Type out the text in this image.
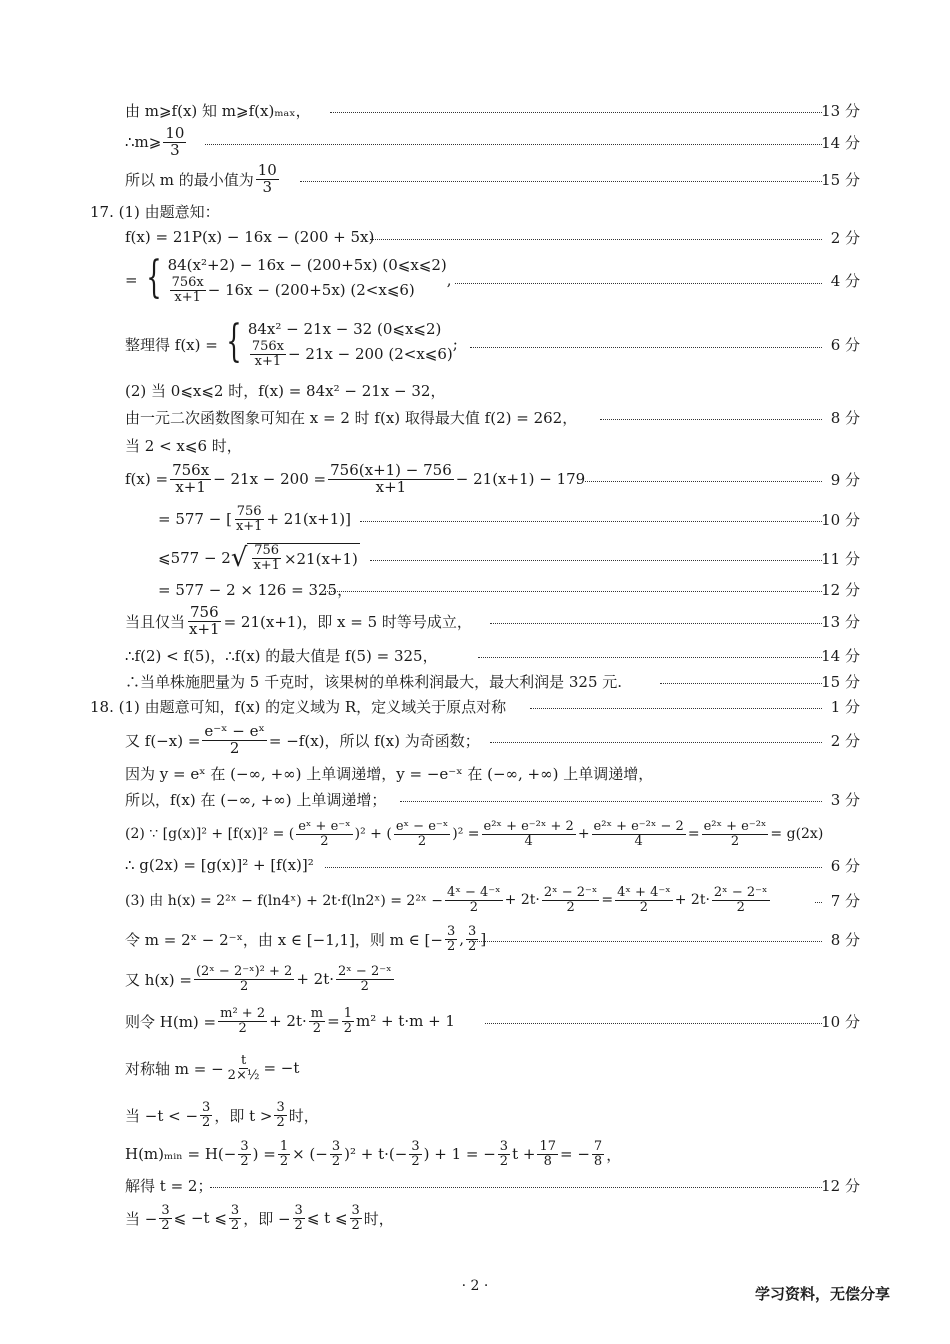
由 m⩾f(x) 知 m⩾f(x)ₘₐₓ，	13 分
∴m⩾
10
3	14 分
所以 m 的最小值为
10
3	15 分
17. (1) 由题意知：
f(x) = 21P(x) − 16x − (200 + 5x)	2 分
= { 84(x²+2) − 16x − (200+5x) (0⩽x⩽2)
756x
x+1 − 16x − (200+5x) (2<x⩽6)
,	4 分
整理得 f(x) = { 84x² − 21x − 32 (0⩽x⩽2)
756x
x+1 − 21x − 200 (2<x⩽6)
;	6 分
(2) 当 0⩽x⩽2 时，f(x) = 84x² − 21x − 32，
由一元二次函数图象可知在 x = 2 时 f(x) 取得最大值 f(2) = 262，	8 分
当 2 < x⩽6 时，
$f(x) = \frac{756x}{x+1} - 21x - 200 = \frac{756(x+1) - 756}{x+1} - 21(x+1) - 179$	9 分
= 577 − [ 756
x+1 + 21(x+1)]	10 分
⩽577 − 2 √ $\frac{756}{x+1} \times 21(x+1)$	11 分
= 577 − 2 × 126 = 325，	12 分
当且仅当 $\frac{756}{x+1} = 21(x+1)$，即 x = 5 时等号成立，	13 分
∴f(2) < f(5)，∴f(x) 的最大值是 f(5) = 325，	14 分
∴当单株施肥量为 5 千克时，该果树的单株利润最大，最大利润是 325 元.	15 分
18. (1) 由题意可知，f(x) 的定义域为 R，定义域关于原点对称	1 分
又 $f(-x) = \frac{\text{e⁻ˣ − eˣ}}{2} = -f(x)$，所以 f(x) 为奇函数；	2 分
因为 y = eˣ 在 (−∞, +∞) 上单调递增，y = −e⁻ˣ 在 (−∞, +∞) 上单调递增，
所以，f(x) 在 (−∞, +∞) 上单调递增；	3 分
(2) ∵ [g(x)]² + [f(x)]² = ( eˣ + e⁻ˣ
2 )² + ( eˣ − e⁻ˣ
2 )$^2 = \frac{\text{e²ˣ + e⁻²ˣ + 2}}{4} + \frac{\text{e²ˣ + e⁻²ˣ − 2}}{4} = \frac{\text{e²ˣ + e⁻²ˣ}}{2} = g(2x)$
∴ g(2x) = [g(x)]² + [f(x)]²	6 分
(3) 由 h(x) = 2²ˣ − f(ln4ˣ) + 2t·f(ln2ˣ) = 2²ˣ − $\frac{\text{4ˣ − 4⁻ˣ}}{2} + 2t\cdot \frac{\text{2ˣ − 2⁻ˣ}}{2} = \frac{\text{4ˣ + 4⁻ˣ}}{2} + 2t\cdot$ 2ˣ − 2⁻ˣ
2	7 分
令 m = 2ˣ − 2⁻ˣ，由 x ∈ [−1,1]，则 m ∈ [− $\frac{3}{2}$ , 3
2 ]	8 分
又 $h(x) = \frac{\text{(2ˣ − 2⁻ˣ)² + 2}}{2} + 2t\cdot$ 2ˣ − 2⁻ˣ
2
则令 $H(m) = \frac{\text{m² + 2}}{2} + 2t\cdot \frac{m}{2} = \frac{1}{2} m^2 + t\cdot m + 1$	10 分
对称轴 m = − $\frac{t}{\text{2×½}} = -t$
当 −t < − $\frac{3}{2}$ ，即 t > 3
2 时，
H(m)ₘᵢₙ = $H(- \frac{3}{2}$ ) = $\frac{1}{2}$ × (− $\frac{3}{2} )^2 + t\cdot(- \frac{3}{2}$ ) + 1 = − $\frac{3}{2}$ $t + \frac{17}{8}$ = − $\frac{7}{8}$ ，
解得 t = 2；	12 分
当 − $\frac{3}{2}$ ⩽ −t ⩽ 3
2 ，即 − $\frac{3}{2}$ ⩽ t ⩽ 3
2 时，
· 2 ·	学习资料，无偿分享
